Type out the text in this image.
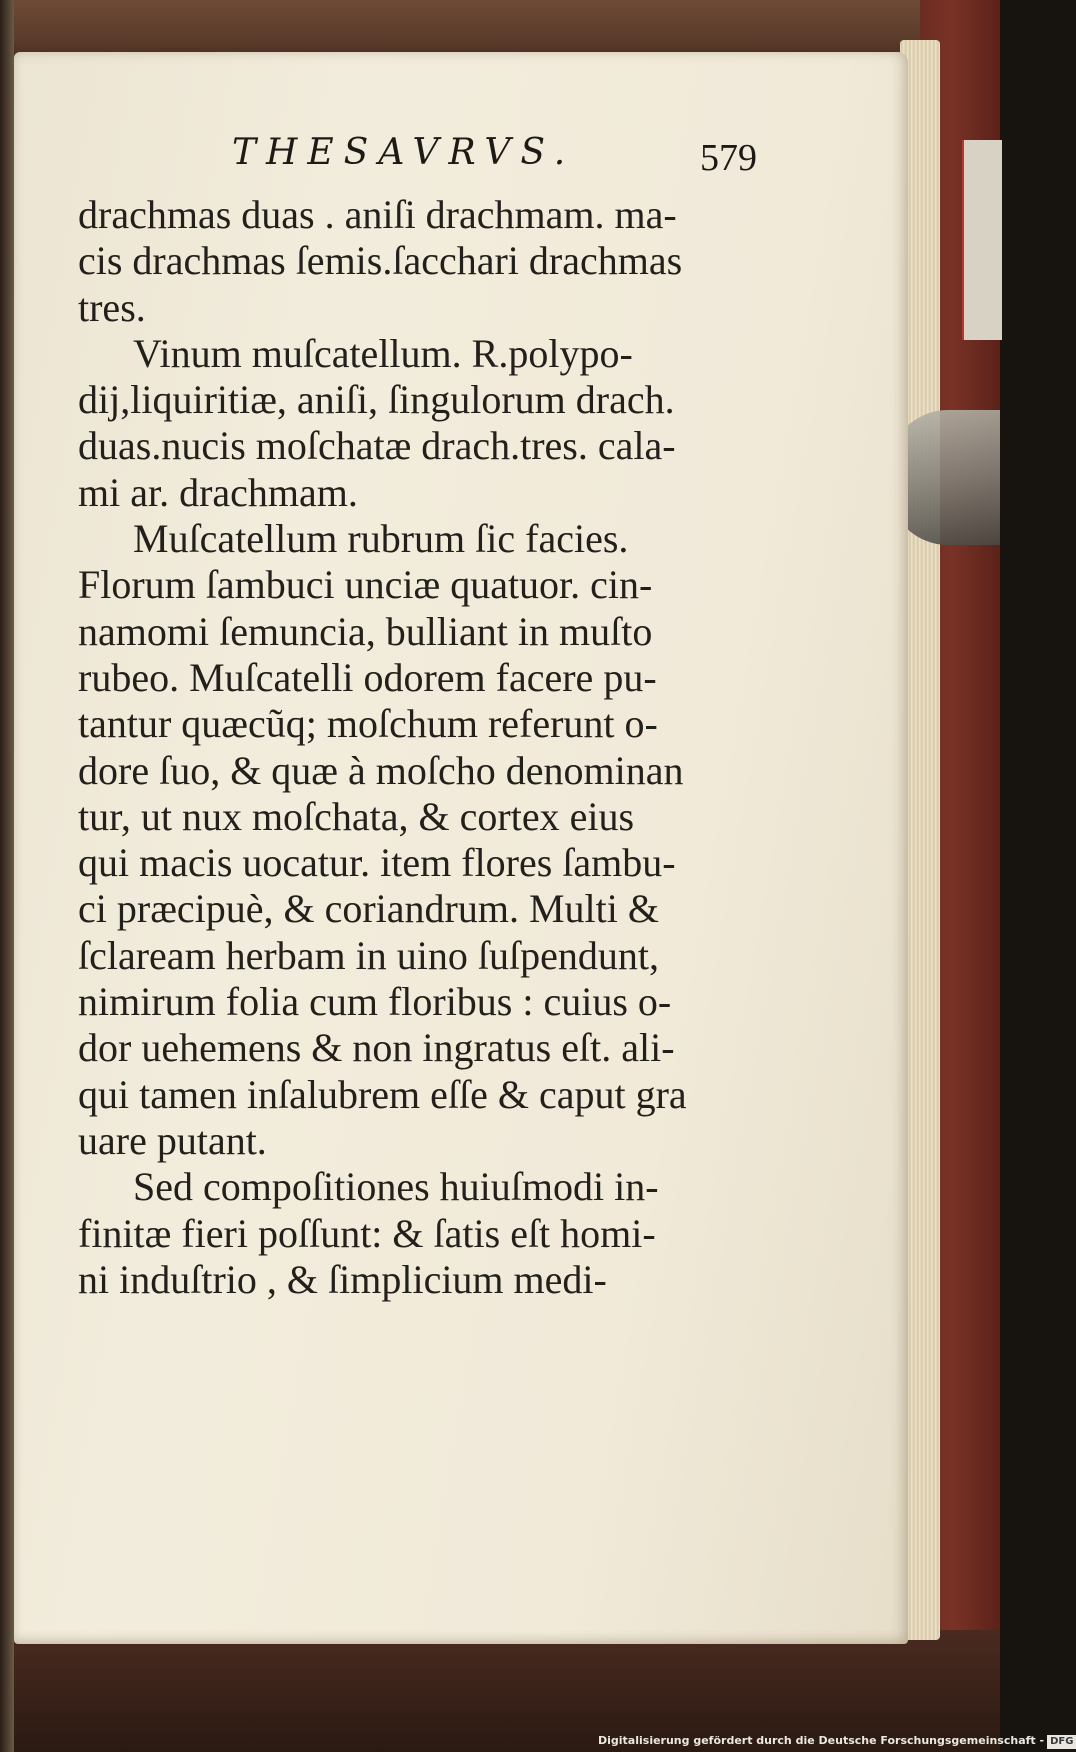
THESAVRVS.	579
drachmas duas . aniſi drachmam. ma-
cis drachmas ſemis.ſacchari drachmas
tres.
Vinum muſcatellum. R.polypo-
dij,liquiritiæ, aniſi, ſingulorum drach.
duas.nucis moſchatæ drach.tres. cala-
mi ar. drachmam.
Muſcatellum rubrum ſic facies.
Florum ſambuci unciæ quatuor. cin-
namomi ſemuncia, bulliant in muſto
rubeo. Muſcatelli odorem facere pu-
tantur quæcũq; moſchum referunt o-
dore ſuo, & quæ à moſcho denominan
tur, ut nux moſchata, & cortex eius
qui macis uocatur. item flores ſambu-
ci præcipuè, & coriandrum. Multi &
ſclaream herbam in uino ſuſpendunt,
nimirum folia cum floribus : cuius o-
dor uehemens & non ingratus eſt. ali-
qui tamen inſalubrem eſſe & caput gra
uare putant.
Sed compoſitiones huiuſmodi in-
finitæ fieri poſſunt: & ſatis eſt homi-
ni induſtrio , & ſimplicium medi-
Digitalisierung gefördert durch die Deutsche Forschungsgemeinschaft - DFG
